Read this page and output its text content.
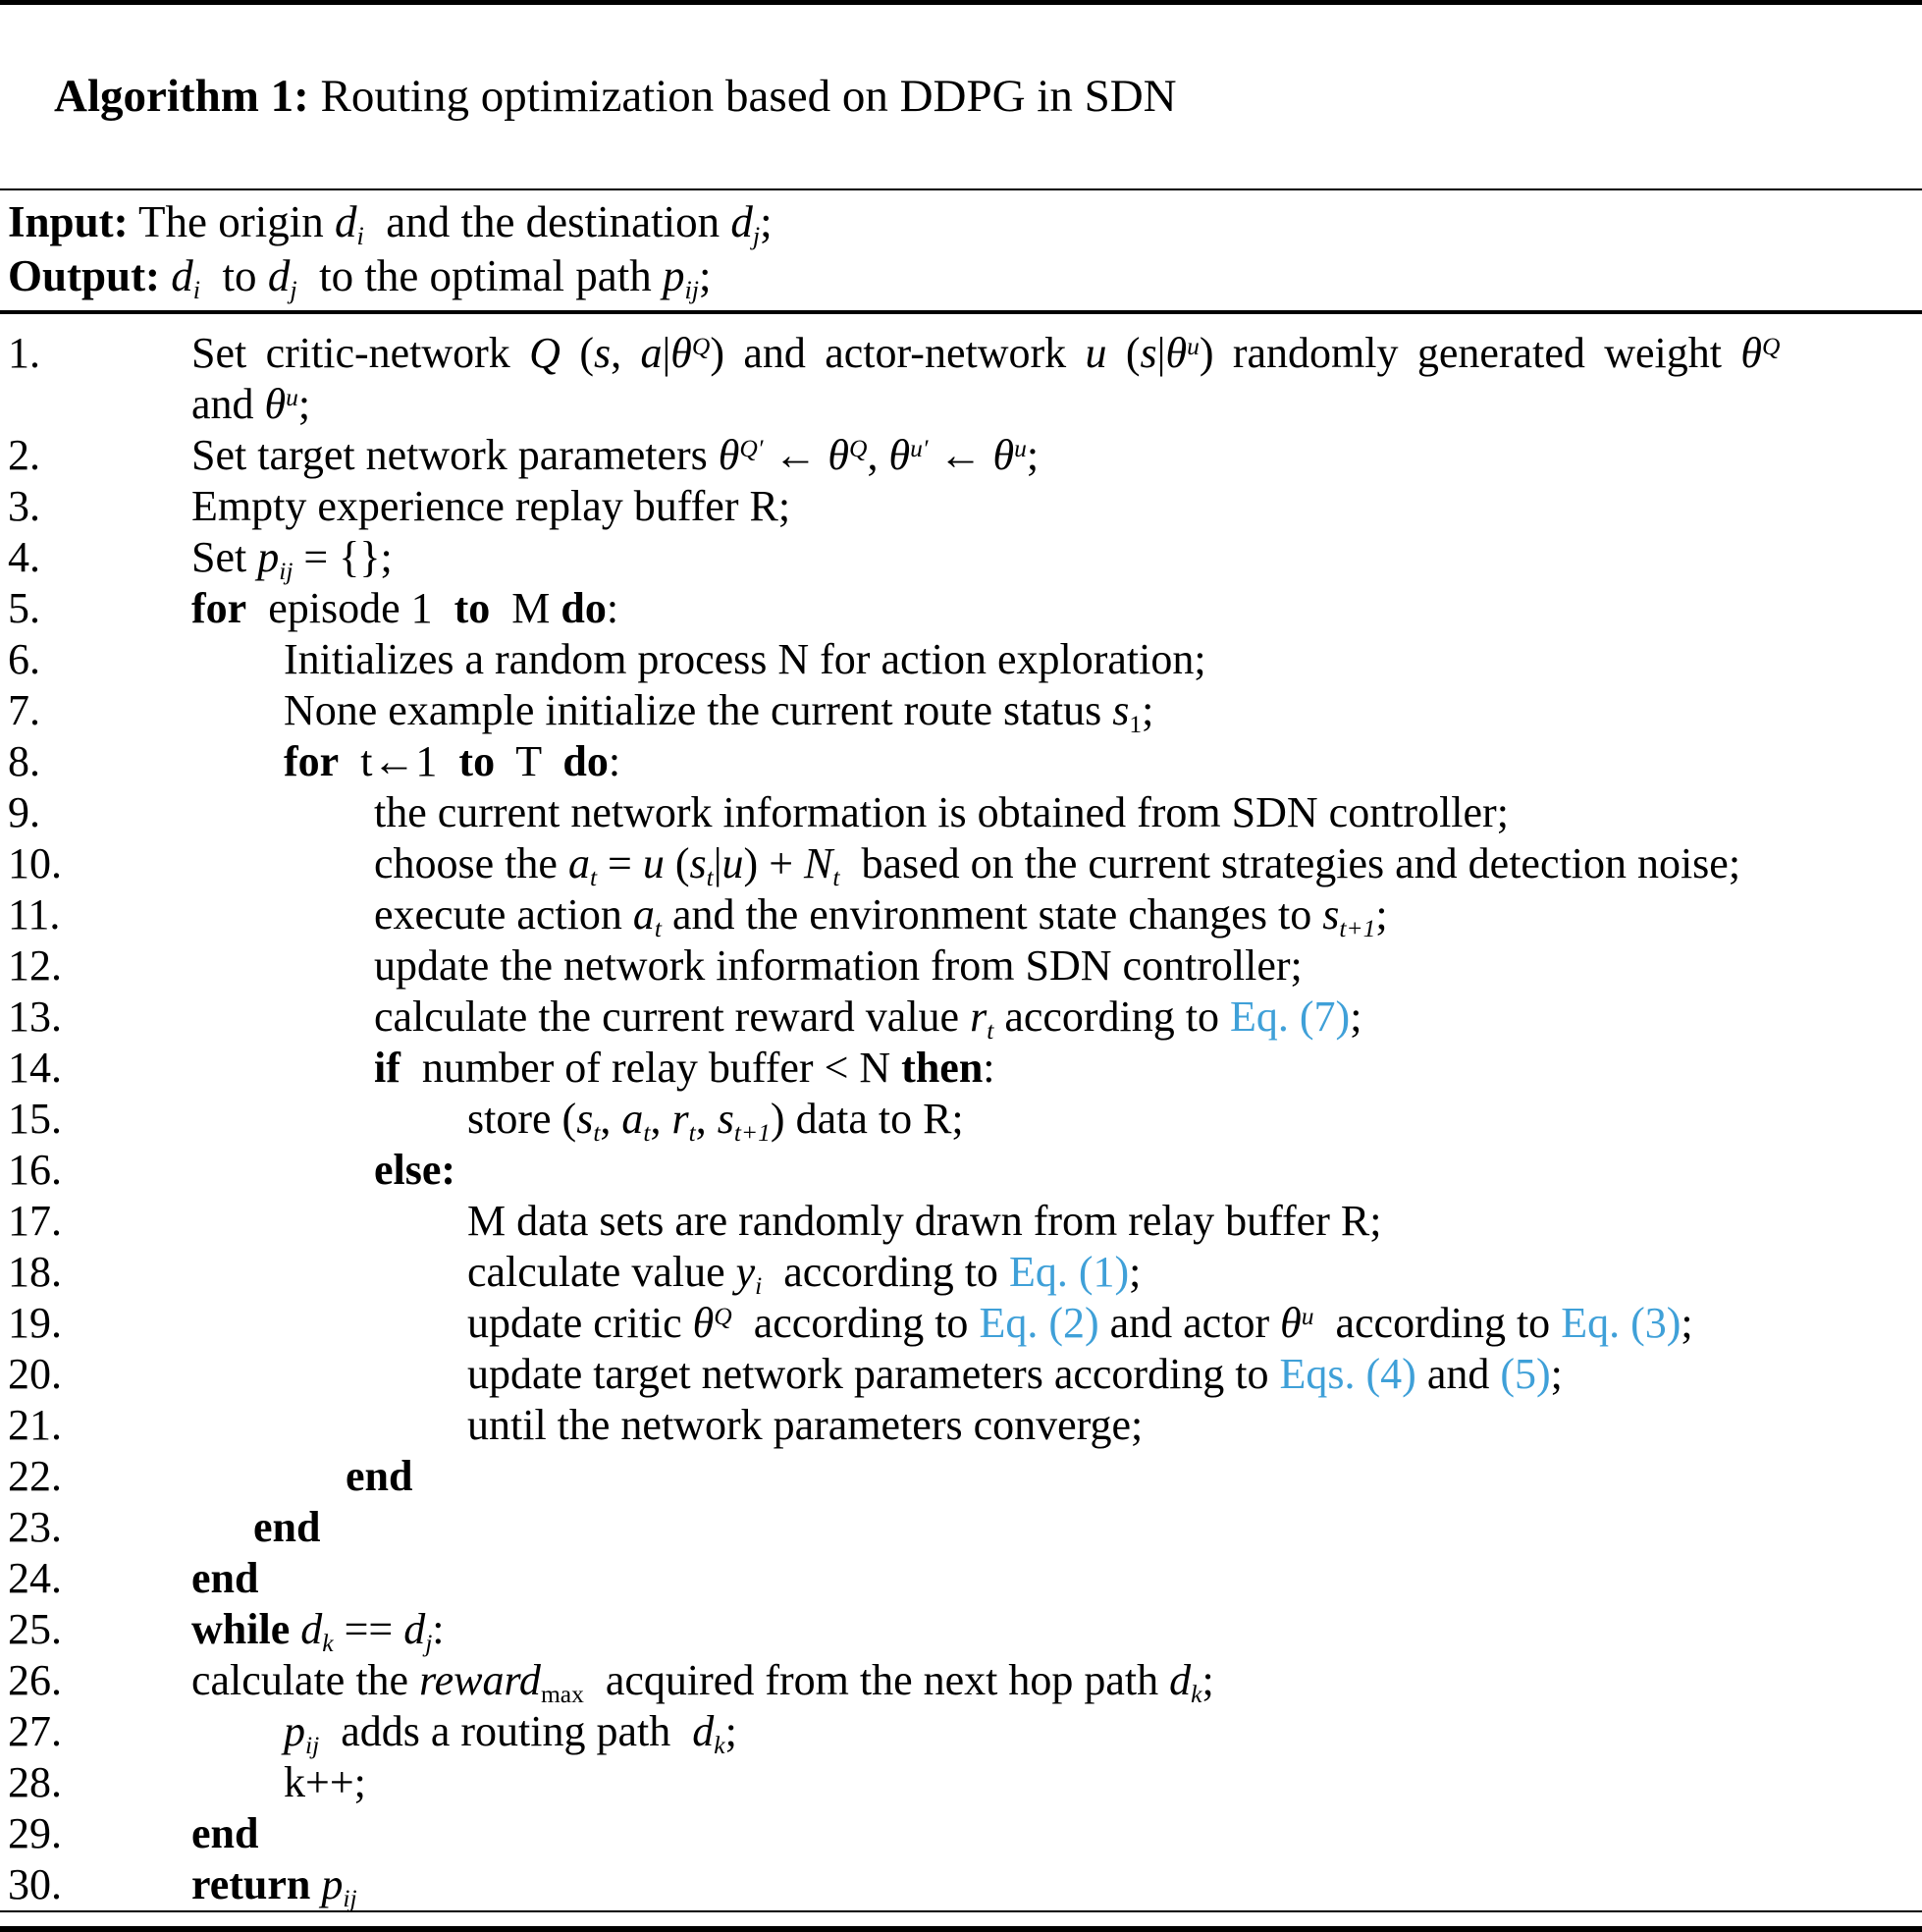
Algorithm 1: Routing optimization based on DDPG in SDN

Input: The origin $d_i$  and the destination $d_j$;
Output: $d_i$  to $d_j$  to the optimal path $p_{ij}$;
1.	Set critic-network Q (s, $a|\theta^Q$) and actor-network u $(s|\theta^u)$ randomly generated weight $\theta^Q$
and $\theta^u$;
2.	Set target network parameters $\theta^{Q'}$ ← $\theta^Q$, $\theta^{u'}$ ← $\theta^u$;
3.	Empty experience replay buffer R;
4.	Set $p_{ij}$ = {};
5.	for  episode 1  to  M do:
6.	Initializes a random process N for action exploration;
7.	None example initialize the current route status $s_1$;
8.	for  t←1  to  T  do:
9.	the current network information is obtained from SDN controller;
10.	choose the $a_t = u$ $(s_t|u) + N_t$  based on the current strategies and detection noise;
11.	execute action $a_t$ and the environment state changes to $s_{t+1}$;
12.	update the network information from SDN controller;
13.	calculate the current reward value $r_t$ according to Eq. (7);
14.	if  number of relay buffer < N then:
15.	store ($s_t$, $a_t$, $r_t$, $s_{t+1}$) data to R;
16.	else:
17.	M data sets are randomly drawn from relay buffer R;
18.	calculate value $y_i$  according to Eq. (1);
19.	update critic $\theta^Q$  according to Eq. (2) and actor $\theta^u$  according to Eq. (3);
20.	update target network parameters according to Eqs. (4) and (5);
21.	until the network parameters converge;
22.	end
23.	end
24.	end
25.	while $d_k == d_j$:
26.	calculate the reward$_{max}$  acquired from the next hop path $d_k$;
27.	$p_{ij}$  adds a routing path  $d_k$;
28.	k++;
29.	end
30.	return $p_{ij}$
